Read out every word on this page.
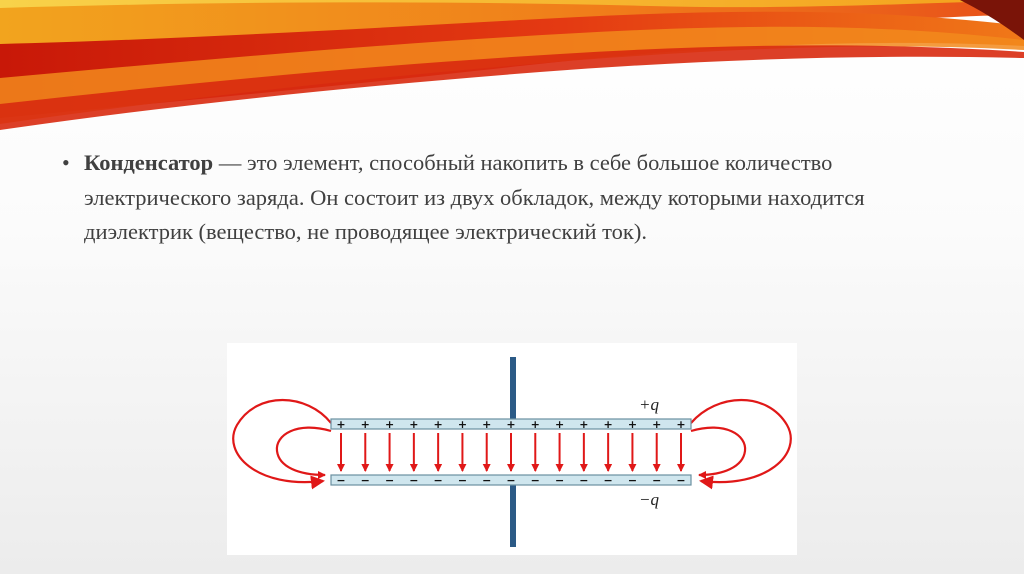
• Конденсатор — это элемент, способный накопить в себе большое количество электрического заряда. Он состоит из двух обкладок, между которыми находится диэлектрик (вещество, не проводящее электрический ток).
+q
−q
+ + + + + + + + + + + + + + +
− − − − − − − − − − − − − − −
